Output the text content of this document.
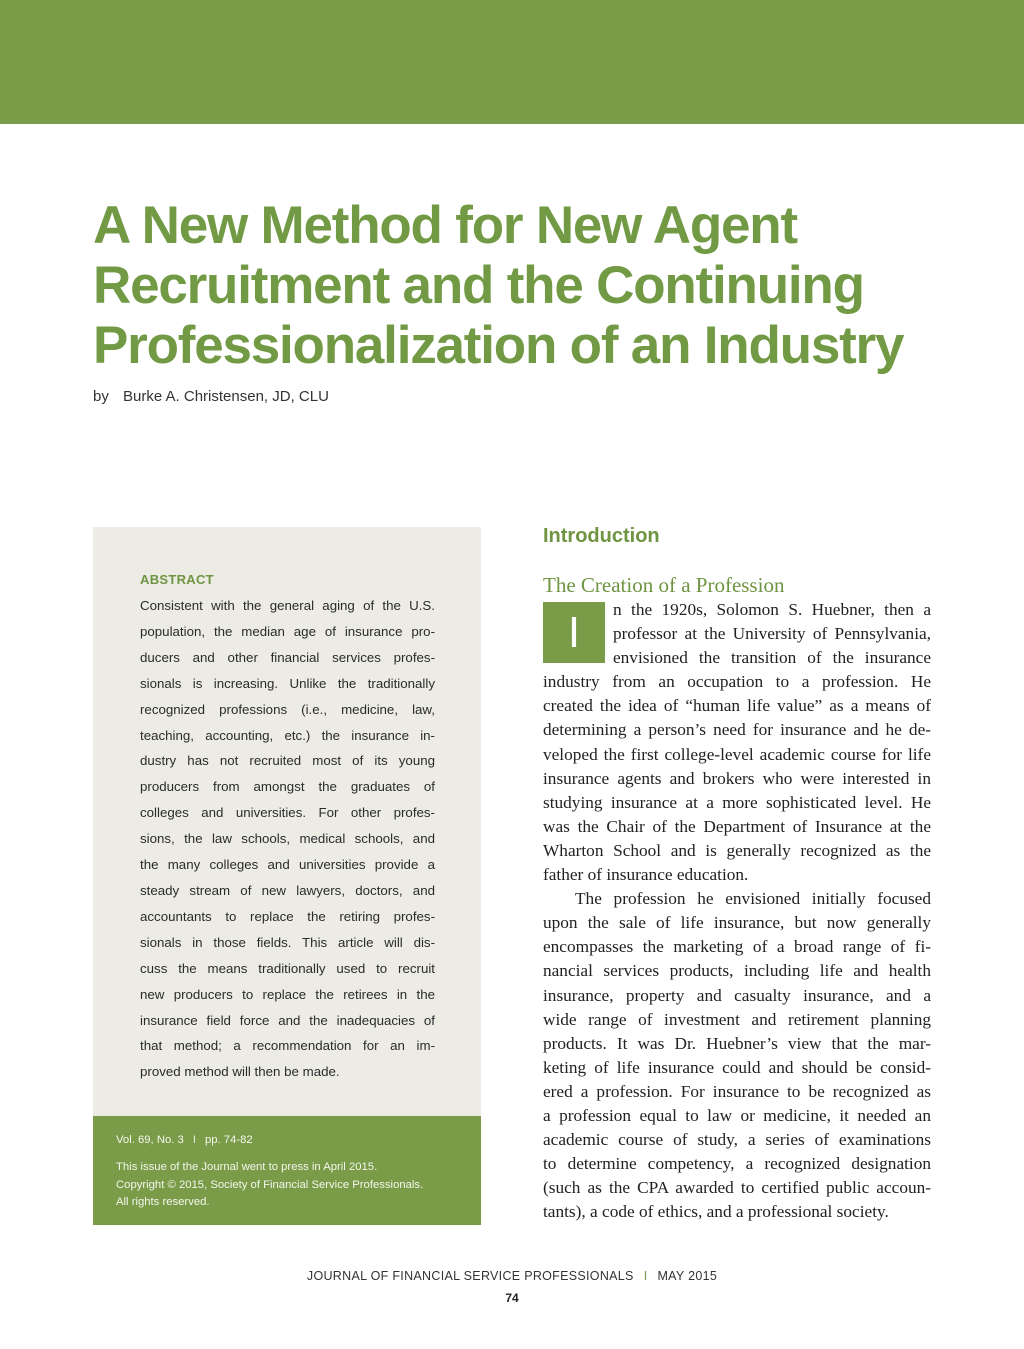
A New Method for New Agent
Recruitment and the Continuing
Professionalization of an Industry
by Burke A. Christensen, JD, CLU
ABSTRACT
Consistent with the general aging of the U.S.
population, the median age of insurance pro-
ducers and other financial services profes-
sionals is increasing. Unlike the traditionally
recognized professions (i.e., medicine, law,
teaching, accounting, etc.) the insurance in-
dustry has not recruited most of its young
producers from amongst the graduates of
colleges and universities. For other profes-
sions, the law schools, medical schools, and
the many colleges and universities provide a
steady stream of new lawyers, doctors, and
accountants to replace the retiring profes-
sionals in those fields. This article will dis-
cuss the means traditionally used to recruit
new producers to replace the retirees in the
insurance field force and the inadequacies of
that method; a recommendation for an im-
proved method will then be made.
Vol. 69, No. 3 I pp. 74-82
This issue of the Journal went to press in April 2015.
Copyright © 2015, Society of Financial Service Professionals.
All rights reserved.
Introduction
The Creation of a Profession
I	n the 1920s, Solomon S. Huebner, then a
professor at the University of Pennsylvania,
envisioned the transition of the insurance
industry from an occupation to a profession. He
created the idea of “human life value” as a means of
determining a person’s need for insurance and he de-
veloped the first college-level academic course for life
insurance agents and brokers who were interested in
studying insurance at a more sophisticated level. He
was the Chair of the Department of Insurance at the
Wharton School and is generally recognized as the
father of insurance education.
The profession he envisioned initially focused
upon the sale of life insurance, but now generally
encompasses the marketing of a broad range of fi-
nancial services products, including life and health
insurance, property and casualty insurance, and a
wide range of investment and retirement planning
products. It was Dr. Huebner’s view that the mar-
keting of life insurance could and should be consid-
ered a profession. For insurance to be recognized as
a profession equal to law or medicine, it needed an
academic course of study, a series of examinations
to determine competency, a recognized designation
(such as the CPA awarded to certified public accoun-
tants), a code of ethics, and a professional society.
JOURNAL OF FINANCIAL SERVICE PROFESSIONALS I MAY 2015
74
